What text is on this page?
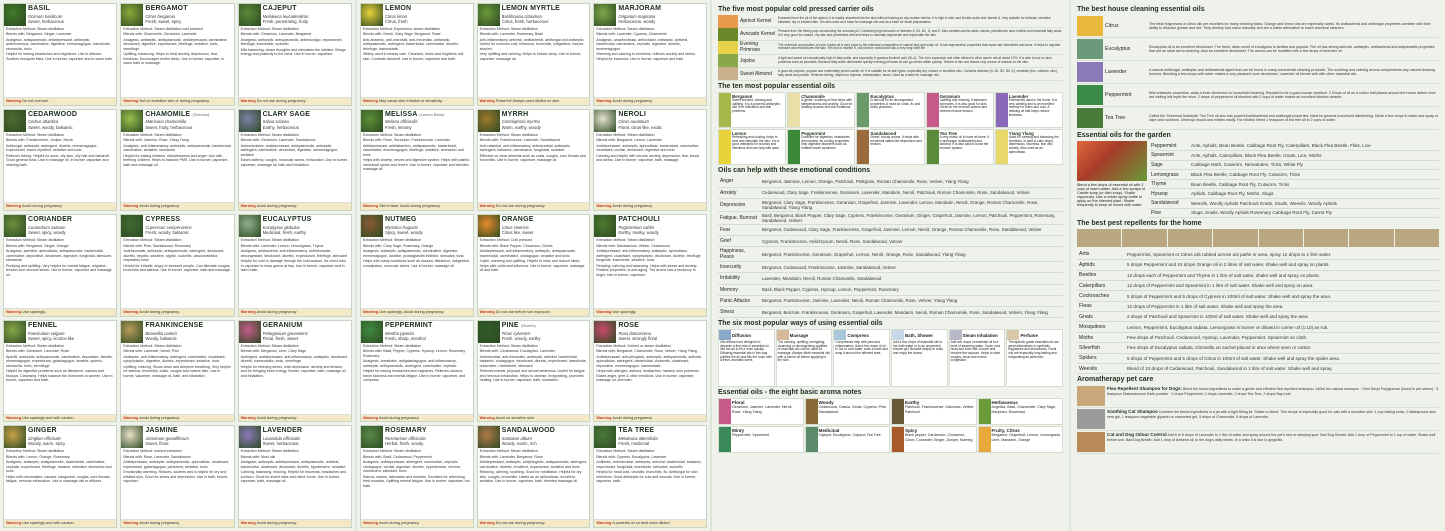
BASIL
Ocimum basilicum
Sweet, herbaceous
Extraction Method: Steam distillation
Blends with: Bergamot, Ginger, Lavender
Analgesic, antispasmodic, antidepressant, antiseptic, antivenomous, carminative, digestive, emmenagogue, insecticide, stomachic, tonic
Helpful for easing headaches and migraines. Use in diffuser. Soothes mosquito bites. Use in burner, vaporiser and in warm bath.
Warning Do not overuse.
BERGAMOT
Citrus bergamia
Fresh, sweet, spicy
Extraction Method: Steam distillation cold pressed
Blends with: Chamomile, Geranium, Lavender
Analgesic, antiseptic, antispasmodic, antidepressant, carminative, deodorant, digestive, expectorant, febrifuge, sedative, tonic, vermifuge
Uplifting, balancing. Helps to treat anxiety, depression, fear, tiredness. Encourages restful sleep. Use in burner, vaporiser, in warm bath or massage.
Warning Not on sensitive skin or during pregnancy.
CAJEPUT
Melaleuca leucadendron
Fresh, penetrating, fruity
Extraction Method: Steam distillation
Blends with: Geranium, Lavender, Bergamot
Analgesic, antiseptic, antispasmodic, antineuralgic, expectorant, febrifuge, insecticide, sudorific
Mild balancing, clears thoughts and stimulates the intellect. Brings energy and positivity to the mind. Use in burner, vaporiser.
Warning Do not use during pregnancy.
CEDARWOOD
Cedrus atlantica
Sweet, woody, balsamic
Extraction Method: Steam distillation
Blends with: Frankincense, Juniper, Neroli
Antifungal, antiseptic, astringent, diuretic, emmenagogue, expectorant, insect repellent, sedative and tonic
Relieves itching. Helpful for acne, oily skin, oily hair and dandruff. Good general tonic. Use in massage oil, in burner, vaporiser and relaxing bath.
Warning Avoid during pregnancy.
CHAMOMILE (German)
Matricaria chamomilla
Sweet, fruity, herbaceous
Extraction Method: Steam distillation
Blends with: Jasmine, Rose, Ylang Ylang
Analgesic, anti-inflammatory, antiseptic, antispasmodic, bactericidal, carminative, sedative, stomachic
Helpful for easing irritation, sleeplessness and anger. Use with teething children. Helps to balance PMS. Use in burner, vaporiser, bath and massage oil.
Warning Avoid during pregnancy.
CLARY SAGE
Salvia sclarea
Earthy, herbaceous
Extraction Method: Steam distillation
Blends with: Geranium, Lavender, Sandalwood
Anticonvulsive, antidepressant, antispasmodic, antiseptic, astringent, carminative, deodorant, digestive, emmenagogue, sedative
Eases asthma, coughs, muscular aches, exhaustion. Use in burner, vaporiser, massage oil, bath and inhalation.
Warning Avoid during pregnancy.
CORIANDER
Coriandrum sativum
Sweet, spicy, woody
Extraction Method: Steam distillation
Blends with: Bergamot, Ginger, Orange
Analgesic, aperitive, aphrodisiac, antispasmodic, bactericidal, carminative, depurative, deodorant, digestive, fungicidal, stimulant, stomachic
Purifying and uplifting. Very helpful for mental fatigue, migraine, tension and nervous stress. Use in burner, vaporiser and massage oil.
Warning Use sparingly.
CYPRESS
Cupressus sempervirens
Fresh, woody, balsamic
Extraction Method: Steam distillation
Blends with: Pine, Sandalwood, Rosemary
Antirheumatic, antiseptic, antispasmodic, astringent, deodorant, diuretic, hepatic, sedative, styptic, sudorific, vasoconstrictor, respiratory tonic
Helpful for irritable, angry or stressed people. Can alleviate coughs, bronchitis and asthma. Use in burner, vaporiser, bath and massage.
Warning Avoid during pregnancy.
EUCALYPTUS
Eucalyptus globulus
Medicinal, fresh, earthy
Extraction Method: Steam distillation
Blends with: Lavender, Lemon, Lemongrass, Thyme
Analgesic, antibacterial, anti-inflammatory, antirheumatic, decongestant, deodorant, diuretic, expectorant, febrifuge, stimulant
Helpful for cold or damage through the cold season. As chest rubs. In vaporiser to keep germs at bay. Use in burner, vaporiser and in warm bath.
Warning Avoid during pregnancy.
FENNEL
Foeniculum vulgare
Sweet, spicy, licorice-like
Extraction Method: Steam distillation
Blends with: Geranium, Lavender, Rose
Aperitif, antiseptic, antispasmodic, carminative, depurative, diuretic, emmenagogue, expectorant, galactagogue, laxative, splenic, stomachic, tonic, vermifuge
Helpful for digestive problems such as flatulence, nausea and hiccups. Cleansing. Helps balance the hormones in women. Use in burner, vaporiser and bath.
Warning Use sparingly and with caution.
FRANKINCENSE
Boswellia carterii
Woody, balsamic
Extraction Method: Steam distillation
Blends with: Lavender, Neroli, Pine
Antiseptic, anti-inflammatory, astringent, carminative, cicatrisant, cytophylactic, digestive, diuretic, expectorant, sedative, tonic
Uplifting, relaxing. Slows down and deepens breathing. Very helpful for asthma, bronchitis, colds, coughs and mature skin. Use in burner, vaporiser, massage oil, bath, and inhalation.
Warning Avoid during pregnancy.
GERANIUM
Pelargonium graveolens
Floral, fresh, sweet
Extraction Method: Steam distillation
Blends with: Bergamot, Lime, Clary Sage
Astringent, antidepressant, anti-inflammatory, antiseptic, deodorant, diuretic, haemostatic, tonic, vermifuge
Helpful for relieving stress, mild depression, anxiety and tension, and for bringing fresh energy. Burner, vaporiser, bath, massage oil and inhalation.
Warning Avoid during pregnancy.
GINGER
Zingiber officinale
Woody, warm, spicy
Extraction Method: Steam distillation
Blends with: Lemon, Orange, Rosemary
Analgesic, antiseptic, antispasmodic, bactericidal, carminative, cephalic, expectorant, febrifuge, laxative, stimulant, stomachic and tonic
Helps with rheumatism, nausea, hangovers, coughs, sore throats, fatigue, nervous exhaustion. Use in massage oils or diffuser.
Warning Use sparingly and with caution.
JASMINE
Jasminum grandiflorum
Sweet, floral
Extraction Method: solvent extracted
Blends with: Rose, Lavender, Sandalwood
Antidepressant, antiseptic, antispasmodic, aphrodisiac, cicatrisant, expectorant, galactagogue, parturient, sedative, tonic
Emotionally warming. Relaxes, soothes and is helpful for dry and irritated skin. Good for stress and depression. Use in bath, burner, vaporiser.
Warning Avoid during pregnancy.
LAVENDER
Lavandula officinalis
Sweet, herbaceous
Extraction Method: Steam distillation
Blends with: Most oils
Analgesic, antiseptic, antidepressant, antispasmodic, antiviral, bactericidal, cicatrisant, deodorant, diuretic, hypotensive, sedative
Calming, balancing, relaxing. Helpful for insomnia, headaches and sunburn. Good for insect bites and minor burns. Use in burner, vaporiser, bath, massage oil.
Warning Avoid during pregnancy.
LEMON
Citrus limon
Citrus, fresh
Extraction Method: Expression, steam distillation
Blends with: Neroli, Clary Sage, Bergamot, Rose
Anti-anaemic, anti-microbial, anti-rheumatic, antiseptic, antispasmodic, astringent, bactericidal, carminative, diuretic, febrifuge, haemostatic
Widely used in beauty care. Cleanses, tones and brightens dull skin. Combats dandruff. Use in burner, vaporiser and bath.
Warning May cause skin irritation or sensitivity.
LEMON MYRTLE
Backhousia citriodora
Citrus, fresh, herbaceous
Extraction Method: Steam distillation
Blends with: Lavender, Rosemary, Basil
Anti-inflammatory, antiviral, antibacterial, antifungal and antiseptic. Useful for common cold, influenza, bronchitis, indigestion, herpes simplex.
Very uplifting and calming. Helps to induce sleep. Use in burner, vaporiser, massage oil.
Warning Powerful! Always used diluted on skin.
MARJORAM
Origanum majorana
Herbaceous, woody
Extraction Method: Steam distillation
Blends with: Lavender, Cypress, Chamomile
Analgesic, anaphrodisiac, antioxidant, antiseptic, antiviral, bactericidal, carminative, cephalic, digestive, diuretic, emmenagogue
Warming and calming to emotions, relieves anxiety and stress. Helpful for insomnia. Use in burner, vaporiser and bath.
Warning Avoid during pregnancy.
MELISSA (Lemon Balm)
Melissa officinalis
Fresh, lemony
Extraction Method: Steam distillation
Blends with: Rose, Geranium, Frankincense, Lavender
Antidepressant, antihistaminic, antispasmodic, bactericidal, carminative, emmenagogue, febrifuge, sedative, stomachic and tonic
Helps with anxiety, nerves and digestive system. Helps with painful menstrual cycles and fevers. Use in burner, vaporiser and blended massage oil.
Warning Skin irritant. Avoid during pregnancy.
MYRRH
Commiphora myrrha
Warm, earthy, woody
Extraction Method: Steam distillation
Blends with: Frankincense, Lavender, Sandalwood
Anti-catarrhal, anti-inflammatory, antimicrobial, antiseptic, astringent, balsamic, carminative, fungicidal, sedative
Effective on clear ailments such as colds, coughs, sore throats and bronchitis. Use in burner, vaporiser, massage oil.
Warning Do not use during pregnancy.
NEROLI
Citrus aurantium
Floral, citrus-like, exotic
Extraction Method: Steam distillation
Blends with: Bergamot, Lemon, Lavender
Antidepressant, antiseptic, aphrodisiac, bactericidal, carminative, cicatrisant, cordial, deodorant, digestive and tonic
Calming and helpful with chronic anxiety, depression, fear, shock and stress. Use in burner, vaporiser, bath, massage.
Warning Avoid during pregnancy.
NUTMEG
Myristica fragrans
Spicy, sweet, woody
Extraction Method: Steam distillation
Blends with: Clary Sage, Rosemary, Orange
Analgesic, antiseptic, antispasmodic, carminative, digestive, emmenagogue, laxative, prostaglandin inhibitor, stimulant, tonic
Helps with many conditions such as nausea, flatulence, indigestion, constipation, muscular aches. Use in burner, massage oil.
Warning Use sparingly. Avoid during pregnancy.
ORANGE
Citrus sinensis
Citrus like, sweet
Extraction Method: Cold pressed
Blends with: Black Pepper, Cinnamon, Cloves
Antidepressant, anti-inflammatory, antiseptic, antispasmodic, bactericidal, carminative, cholagogue, sedative and tonic
Joyful, warming and uplifting. Helpful to relax and reduce sleep. Helps with colds and influenza. Use in burner, vaporiser, massage oil and bath.
Warning Do not use before sun exposure.
PATCHOULI
Pogostemon cablin
Earthy, musky, woody
Extraction Method: Steam distillation
Blends with: Sandalwood, Vetiver, Cedarwood
Antidepressant, anti-inflammatory, antiseptic, aphrodisiac, astringent, cicatrisant, cytophylactic, deodorant, diuretic, febrifuge, fungicide, insecticide, sedative, tonic
Relaxing, calming and balancing. Helps with stress and anxiety. Fixative properties; is anti-aging. The aroma has a tendency to linger. Use in burner, vaporiser.
Warning Use sparingly.
PEPPERMINT
Mentha piperita
Fresh, sharp, menthol
Extraction Method: Steam distillation
Blends with: Basil, Pepper, Cypress, Hyssop, Lemon, Rosemary, Rosemary
Analgesic, anesthetic, antigalactagogue, anti-inflammatory, antiseptic, antispasmodic, astringent, carminative, cephalic
Helpful for easing headaches and migraines. Relieves nausea, travel sickness and mental fatigue. Use in burner, vaporiser, and compress.
Warning Avoid during pregnancy.
PINE (Scotch)
Pinus sylvestris
Fresh, woody, earthy
Extraction Method: Steam distillation
Blends with: Cedarwood, Eucalyptus, Lavender
Antimicrobial, anti-rheumatic, antiseptic, antiviral, bactericidal, balsamic, cholagogue, deodorant, diuretic, expectorant, insecticide, restorative, rubefacient, stimulant
Relieves mental, physical and sexual weakness. Useful for fatigue and nervous exhaustion. Helps to cleanse, invigorating, promotes healing. Use in burner, vaporiser, bath, inhalation.
Warning Avoid on sensitive skin.
ROSE
Rosa damascena
Sweet, strongly floral
Extraction Method: Solvent or steam distillation
Blends with: Bergamot, Chamomile, Rose, Vetiver, Ylang Ylang
Antidepressant, anti-phlogistic, antiseptic, antispasmodic, antiviral, aphrodisiac, astringent, bactericidal, choleretic, cicatrisant, depurative, emmenagogue, haemostatic
Helps with allergies, asthma, headaches, nausea, skin problems. Eases anger, grief & other emotions. Use in burner, vaporiser, massage oil, and bath.
Warning Avoid during pregnancy.
ROSEMARY
Rosmarinus officinalis
Herbal, fresh, woody
Extraction Method: Steam distillation
Blends with: Basil, Cedarwood, Peppermint
Analgesic, antidepressant, astringent, carminative, cephalic, cholagogue, cordial, digestive, diuretic, hypertensive, nervine, rubefacient, stimulant, tonic
Warms, warms, stimulates and restores. Excellent for refreshing tired muscles. Uplifting mental fatigue. Use in burner, vaporiser, hot bath.
Warning Avoid during pregnancy.
SANDALWOOD
Santalum album
Woody, exotic, rich
Extraction Method: Steam distillation
Blends with: Lavender, Bergamot, Rose
Antidepressant, antiseptic, antiphlogistic, antispasmodic, astringent, carminative, diuretic, emollient, expectorant, sedative and tonic
Relaxing, calming, soothing. Good for meditation. Helpful for dry skin, coughs, bronchitis. Useful as an aphrodisiac, emollient, sedative. Use in burner, vaporiser, bath, blended massage oil.
Warning Do not use during pregnancy.
TEA TREE
Melaleuca alternifolia
Fresh, medicinal
Extraction Method: Steam distillation
Blends with: Cypress, Eucalyptus, Lavender
Antibiotic, antimicrobial, antiseptic, antiviral, bactericidal, balsamic, expectorant, fungicidal, insecticide, stimulant, sudorific
Helpful for head cold, sinusitis, bronchitis, flu. Antifungal for skin infections. Good antiseptic for cuts and wounds. Use in burner, vaporiser, bath.
Warning A powerful oil so best used diluted.
The five most popular cold pressed carrier oils
Apricot Kernel	Extracted from the pit of the apricot, it is readily absorbed into the skin without leaving an oily residue behind. It is high in oleic and linoleic acids and vitamin A. Very suitable for delicate, sensitive, inflamed, dry or irritated skin. It is also used as a base for massage oils and as a base for facial preparations.
Avocado Kernel Pressed from the fleshy pulp surrounding the avocado pit. Containing high amounts of vitamins A, B1, B2, D, and E. Also contains amino acids, sterols, pantothenic acid, lecithin and essential fatty acids. It is very good for mature, dry skin and penetrates well and helps to naturally regenerate and rejuvenate the skin.
Evening Primrose
The chemical composition of pure Jojoba oil is very close to the chemical composition of natural skin and scalp oil. It has regenerative properties that repair skin blemishes and acne. It helps to regulate moisture and restructures the skin. It is rich in vitamin E, will not turn rancid and has a very long shelf life.
Jojoba	A light and sweet oil exceptionally high in fatty acids, and especially in gamma linolenic acid (GLA). The oil is expensive and often diluted in other carrier oils at about 10%. It is safe to use on skin problems such as psoriasis. Because fatty acids deteriorate quickly evening primrose oil can go rancid rather quickly. Texture is thin and leaves only a trace of residue on the skin.
Sweet Almond	A good all-purpose, popular and moderately priced carrier oil. It is suitable for all skin types, especially dry, mature or sensitive skin. Contains vitamins (A, B1, B2, B6, E), minerals (iron, calcium, zinc), fatty acids and protein. Relieves itching, helpful for dryness, inflammation, burns. Used as a base for massage oils.
The ten most popular essential oils
Bergamot
Sweet scented, calming and uplifting. It is a powerful antiseptic; use it for infections and skin problems.
Chamomile
A gentle, soothing oil that helps with sleeplessness and anxiety. Good for treating wounds and skin irritations.
Eucalyptus
Is famous for its decongestant properties. A must for colds, flu and sinus problems.
Geranium
Uplifting and relaxing. It balances hormones. It is also good for skin. Great for the nervous system and relieves muscle tension.
Lavender
Extensively used in the home. It is very calming and is an excellent remedy for burns and cuts. A relaxing oil that helps reduce tiredness.
Lemon
Refreshing and cooling; helps to tone and stimulate the skin. It is a good antiseptic for wounds and infections and can help with acne.
Peppermint
Excellent for digestion, headaches and nausea. Its cooling properties help digestive disorders such as irritable bowel syndrome.
Sandalwood
Sweet, woody aroma. It helps with emotional states like depression and tension.
Tea Tree
A very useful oil to have at home. It is antifungal, antibacterial and antiviral. It is also said to boost the immune system.
Ylang Ylang
Used for calming and balancing the emotions. Is said to calm anger, depression, insomnia, fear and anxiety. Also used as an aphrodisiac.
Oils can help with these emotional conditions
Anger	Bergamot, Jasmine, Lemon, Orange, Patchouli, Petitgrain, Roman Chamomile, Rose, Vetiver, Ylang Ylang
Anxiety	Cedarwood, Clary Sage, Frankincense, Geranium, Lavender, Mandarin, Neroli, Patchouli, Roman Chamomile, Rose, Sandalwood, Vetiver
Depression	Bergamot, Clary Sage, Frankincense, Geranium, Grapefruit, Jasmine, Lavender, Lemon, Mandarin, Neroli, Orange, Roman Chamomile, Rose, Sandalwood, Ylang Ylang
Fatigue, Burnout	Basil, Bergamot, Black Pepper, Clary Sage, Cypress, Frankincense, Geranium, Ginger, Grapefruit, Jasmine, Lemon, Patchouli, Peppermint, Rosemary, Sandalwood, Vetiver
Fear	Bergamot, Cedarwood, Clary Sage, Frankincense, Grapefruit, Jasmine, Lemon, Neroli, Orange, Roman Chamomile, Rose, Sandalwood, Vetiver
Grief	Cypress, Frankincense, Helichrysum, Neroli, Rose, Sandalwood, Vetiver
Happiness, Peace	Bergamot, Frankincense, Geranium, Grapefruit, Lemon, Neroli, Orange, Rose, Sandalwood, Ylang Ylang
Insecurity	Bergamot, Cedarwood, Frankincense, Jasmine, Sandalwood, Vetiver
Irritability	Lavender, Mandarin, Neroli, Roman Chamomile, Sandalwood
Memory	Basil, Black Pepper, Cypress, Hyssop, Lemon, Peppermint, Rosemary
Panic Attacks	Bergamot, Frankincense, Jasmine, Lavender, Neroli, Roman Chamomile, Rose, Vetiver, Ylang Ylang
Stress	Bergamot, Benzoin, Frankincense, Geranium, Grapefruit, Lavender, Mandarin, Neroli, Roman Chamomile, Rose, Sandalwood, Vetiver, Ylang Ylang
The six most popular ways of using essential oils
Diffusion

Oils diffused are designed to disperse a fine mist of essential oil into the air to fill a room quickly. Diffusing essential oils in this way purifies the air and fills the room with a fresh, aromatic scent.

Massage

The calming, uplifting, energising, cleansing or decongesting qualities of essential oils can be used for massage. Always dilute essential oils with a carrier oil before applying to the skin.

Compress

Compresses help with pain and inflammation. Add a few drops of oil to hot or cold water, soak a towel and wrap it around the affected area.

Bath, Shower

Add a few drops of essential oils to the bath water or to an unscented shower gel. Breathe deeply to relax and enjoy the aroma.

Steam Inhalation

Add two drops of essential oil to a bowl of steaming water. Cover your head and bowl with a towel and breathe the vapours. Helps to clear coughs, sinus and mucus congestion.

Perfume

Therapeutic grade essential oils are great alternatives to synthetic fragrances and deodorants. Floral oils are especially long lasting and invigorating as perfumes.

Essential oils - the eight basic aroma notes
Floral
Geranium, Jasmine, Lavender, Neroli, Rose, Ylang Ylang
Woody
Cedarwood, Cassia, Cedar, Cypress, Pine, Sandalwood
Earthy
Patchouli, Frankincense, Oakmoss, Vetiver, Patchouli
Herbaceous
Angelica, Basil, Chamomile, Clary Sage, Marjoram, Rosemary
Minty
Peppermint, Spearmint
Medicinal
Cajeput, Eucalyptus, Cajeput, Tea Tree
Spicy
Black pepper, Cardamom, Cinnamon, Clove, Coriander, Ginger, Juniper, Nutmeg
Fruity, Citrus
Bergamot, Grapefruit, Lemon, Lemongrass, Lime, Mandarin, Orange
The best house cleaning essential oils
Citrus	The fresh fragrances of citrus oils are excellent for many cleaning tasks. Orange and lemon oils are especially useful. Its antibacterial and antifungal properties combine with their ability to dissolve grease and dirt. They destroy bad odour naturally and are a viable alternative to harsh chemical cleaners.
Eucalyptus	Eucalyptus oil is an excellent deodoriser. The fresh, clean smell of eucalyptus is familiar and popular. The oil has strong antiviral, antiseptic, antibacterial and antiparasitic properties that are an ideal aid to cleaning. Also an excellent deodoriser. The aroma can be modified with a few drops of lavender oil.
Lavender	A natural antifungal, antiseptic and antibacterial agent that can be found in many commercial cleaning products. The soothing and calming aroma complements any natural cleaning formula. Blending a few drops with water makes a very pleasant room deodoriser. Lavender oil blends well with other essential oils.
Peppermint	Mild antiseptic properties, adds a fresh dimension to household cleaning. Reputed to be a good mouse repellent. 2 Drops of oil on a cotton ball placed around the house deters mice are visiting will repel the mice. 2 drops of peppermint oil blended with 2 cups of water makes an excellent window cleaner.
Tea Tree	Called the 'Universal Antiseptic' Tea Tree oil also has powerful antibacterial and antifungal properties. Ideal for general household disinfecting. Dilute a few drops in water and spray or wipe onto surfaces. Destroys mould and mildew easily. For mildew, blend 1 teaspoon of tea tree oil in 2 cups of water.
Essential oils for the garden
Blend a few drops of essential oil with 2 cups of warm water. Add a few sprays of Castile soap (or dish soap). Shake vigorously. Use a mister spray bottle to apply on the infested plant. Shake frequently to keep oil mixed with water.
Peppermint	Ants, Aphids, Bean Beetle, Cabbage Root Fly, Caterpillars, Black Flea Beetle, Flies, Lice
Spearmint	Ants, Aphids, Caterpillars, Black Flea Beetle, Gnats, Lice, Moths
Sage	Cabbage Moth, Cutworm, Nematodes, Ticks, White Fly
Lemongrass	Black Flea Beetle, Cabbage Root Fly, Cutworm, Ticks
Thyme	Bean Beetle, Cabbage Root Fly, Cutworm, Ticks
Hyssop	Aphids, Cabbage Root Fly, Moths, Slugs
Sandalwood	Weevils, Woolly Aphids Patchouli Gnats, Snails, Weevils, Woolly Aphids
Pine	Slugs, Snails, Woolly Aphids Rosemary Cabbage Root Fly, Carrot Fly
The best pest repellents for the home
Ants	Peppermint, Spearmint or Citrus oils rubbed across ant paths or area, spray 12 drops to 1 litre water.
Aphids	5 drops Peppermint and 15 drops Orange oil in 2 litres of salt water, shake well and spray on plants.
Beetles	12 drops each of Peppermint and Thyme in 1 litre of salt water, shake well and spray on plants.
Caterpillars	12 drops of Peppermint and Spearmint in 1 litre of salt water. Shake well and spray on area.
Cockroaches	5 drops of Peppermint and 5 drops of Cypress in 100ml of salt water. Shake well and spray the area.
Fleas	12 drops of Peppermint in 1 litre of salt water. Shake well and spray the area.
Gnats	2 drops of Patchouli and Spearmint in 100ml of salt water. Shake well and spray the area.
Mosquitoes	Lemon, Peppermint, Eucalyptus radiata, Lemongrass in burner or diluted in carrier oil (1:10) as rub.
Moths	Few drops of Patchouli, Cedarwood, Hyssop, Lavender, Peppermint, Spearmint on cloth.
Silverfish	Few drops of Eucalyptus radiata, Citronella on sachet placed in area where seen or cotton.
Spiders	5 drops of Peppermint and 5 drops of Citrus in 100ml of salt water. Shake well and spray the spider area.
Weevils	Blend of 10 drops of Cedarwood, Patchouli, Sandalwood in 1 litre of salt water. Shake well and spray.
Aromatherapy pet care
Flea Repellent Shampoo for Dogs: Blend the below ingredients to make a gentle and effective flea repellent shampoo. 140ml bio natural shampoo · 10ml Decyl Polyglucose (found in pet stores) · 5 teaspoon Diatomaceous Earth powder · 2 drops Peppermint, 2 drops Lavender, 2 drops Tea Tree, 2 drops Bay Leaf.
Soothing Cat Shampoo Combine the below ingredients in a jar with a tight fitting lid. Shake to blend. This recipe is especially good for cats with a sensitive skin. 1 cup baking soda, 2 tablespoons aloe vera gel, 1 teaspoon vegetable glycerin or unscented gel, 5 drops of Chamomile, 5 drops of Lavender.
Cat and Dog Odour Control Add 6 to 8 drops of Lavender to 1 litre of water and spray around the pet's bed or sleeping spot. Bad Dog Breath: Add 1 drop of Peppermint to 1 cup of water. Shake well before use. Bad Dog Breath: Add 1 drop of Aniseed oil, to the dog's daily meals. In a crisis it is due to gingivitis.
